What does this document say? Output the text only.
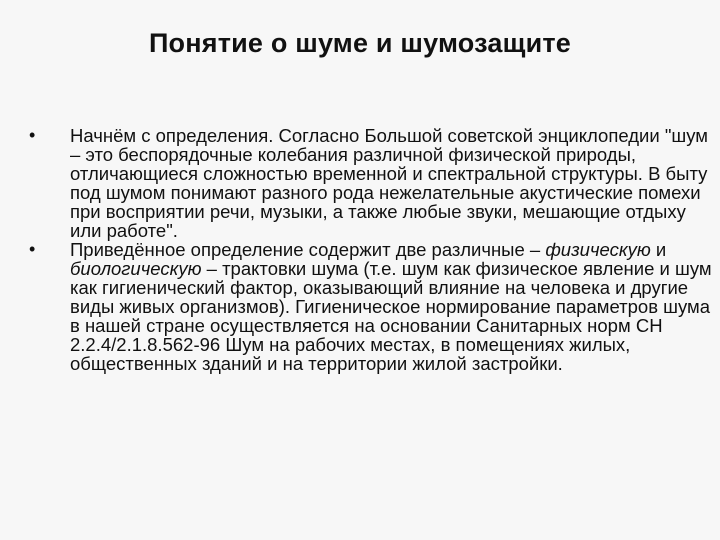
Понятие о шуме и шумозащите
• Начнём с определения. Согласно Большой советской энциклопедии "шум – это беспорядочные колебания различной физической природы, отличающиеся сложностью временной и спектральной структуры. В быту под шумом понимают разного рода нежелательные акустические помехи при восприятии речи, музыки, а также любые звуки, мешающие отдыху или работе".
• Приведённое определение содержит две различные – физическую и биологическую – трактовки шума (т.е. шум как физическое явление и шум как гигиенический фактор, оказывающий влияние на человека и другие виды живых организмов). Гигиеническое нормирование параметров шума в нашей стране осуществляется на основании Санитарных норм СН 2.2.4/2.1.8.562-96 Шум на рабочих местах, в помещениях жилых, общественных зданий и на территории жилой застройки.
